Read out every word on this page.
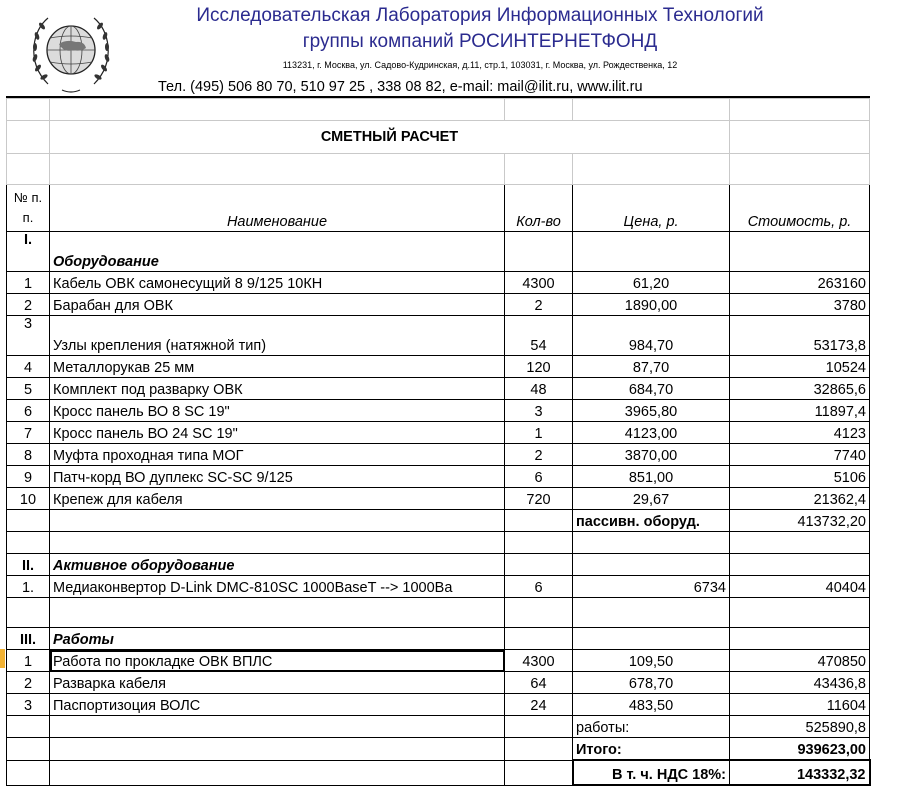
Исследовательская Лаборатория Информационных Технологий
группы компаний РОСИНТЕРНЕТФОНД
113231, г. Москва, ул. Садово-Кудринская, д.11, стр.1, 103031, г. Москва, ул. Рождественка, 12
Тел. (495) 506 80 70, 510 97 25 , 338 08 82, e-mail: mail@ilit.ru, www.ilit.ru

	СМЕТНЫЙ РАСЧЕТ			

№ п. п.	Наименование	Кол-во	Цена, р.	Стоимость, р.
I.	Оборудование			
1	Кабель ОВК самонесущий 8 9/125 10КН	4300	61,20	263160
2	Барабан для ОВК	2	1890,00	3780
3	Узлы крепления (натяжной тип)	54	984,70	53173,8
4	Металлорукав 25 мм	120	87,70	10524
5	Комплект под разварку ОВК	48	684,70	32865,6
6	Кросс панель ВО 8 SC 19"	3	3965,80	11897,4
7	Кросс панель ВО 24 SC 19"	1	4123,00	4123
8	Муфта проходная типа МОГ	2	3870,00	7740
9	Патч-корд ВО дуплекс SC-SC 9/125	6	851,00	5106
10	Крепеж для кабеля	720	29,67	21362,4
			пассивн. оборуд.	413732,20

II.	Активное оборудование			
1.	Медиаконвертор D-Link DMC-810SC 1000BaseT --> 1000Ba	6	6734	40404

III.	Работы			
1	Работа по прокладке ОВК ВПЛС	4300	109,50	470850
2	Разварка кабеля	64	678,70	43436,8
3	Паспортизоция ВОЛС	24	483,50	11604
			работы:	525890,8
			Итого:	939623,00
			В т. ч. НДС 18%:	143332,32
